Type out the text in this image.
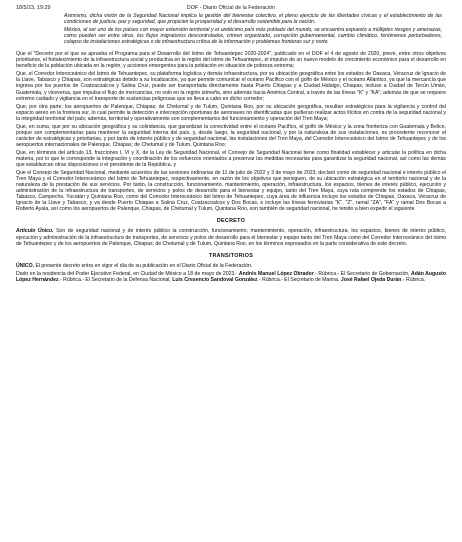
18/5/23, 19:29	DOF - Diario Oficial de la Federación

Asimismo, dicha visión de la Seguridad Nacional implica la gestión del bienestar colectivo, el pleno ejercicio de las libertades cívicas y el establecimiento de las condiciones de justicia, paz y seguridad, que propicien la prosperidad y el desarrollo sostenible para la nación.

México, al ser uno de los países con mayor extensión territorial y el undécimo país más poblado del mundo, se encuentra expuesto a múltiples riesgos y amenazas, como pueden ser entre otros, los flujos migratorios descontrolados, crimen organizado, corrupción gubernamental, cambio climático, fenómenos perturbadores, colapso de instalaciones estratégicas o de infraestructura crítica de la información y problemas fronteras sur y norte.

Que el "Decreto por el que se aprueba el Programa para el Desarrollo del Istmo de Tehuantepec 2020-2024", publicado en el DOF el 4 de agosto de 2020, prevé, entre otros objetivos prioritarios, el fortalecimiento de la infraestructura social y productiva en la región del istmo de Tehuantepec, el impulso de un nuevo modelo de crecimiento económico para el desarrollo en beneficio de la población ubicada en la región, y acciones emergentes para la población en situación de pobreza extrema;

Que, el Corredor Interoceánico del Istmo de Tehuantepec, su plataforma logística y demás infraestructura, por su ubicación geográfica entre los estados de Oaxaca, Veracruz de Ignacio de la Llave, Tabasco y Chiapas, son estratégicas debido a su localización, ya que permite comunicar el océano Pacífico con el golfo de México y el océano Atlántico, ya que la mercancía que ingresa por los puertos de Coatzacoalcos y Salina Cruz, puede ser transportada directamente hasta Puerto Chiapas y a Ciudad Hidalgo, Chiapas, incluso a Ciudad de Tecún Umán, Guatemala, y viceversa, que impulsa el flujo de mercancías, no solo en la región istmeña, sino además hacia América Central, a través de las líneas "K" y "KA"; además de que se requiere extremo cuidado y vigilancia en el transporte de sustancias peligrosas que se lleva a cabo en dicho corredor;

Que, por otra parte, los aeropuertos de Palenque, Chiapas; de Chetumal y de Tulum, Quintana Roo, por su ubicación geográfica, resultan estratégicos para la vigilancia y control del espacio aéreo en la frontera sur, lo cual permite la detección e intercepción oportunas de aeronaves no identificadas que pudieran realizar actos ilícitos en contra de la seguridad nacional y la integridad territorial del país; además, territorial y operativamente son complementarios del funcionamiento y operación del Tren Maya;

Que, en suma, que por su ubicación geográfica y su colindancia, que garantizan la conectividad entre el océano Pacífico, el golfo de México y la zona fronteriza con Guatemala y Belice, porque son complementarias para mantener la seguridad interna del país, y, desde luego, la seguridad nacional, y por la naturaleza de sus instalaciones, es procedente reconocer el carácter de estratégicas y prioritarias, y por tanto de interés público y de seguridad nacional, las instalaciones del Tren Maya, del Corredor Interoceánico del Istmo de Tehuantepec y de los aeropuertos internacionales de Palenque, Chiapas; de Chetumal y de Tulum, Quintana Roo;

Que, en términos del artículo 13, fracciones I, VI y X, de la Ley de Seguridad Nacional, el Consejo de Seguridad Nacional tiene como finalidad establecer y articular la política en dicha materia, por lo que le corresponde la integración y coordinación de los esfuerzos orientados a preservar las medidas necesarias para garantizar la seguridad nacional, así como las demás que establezcan otras disposiciones o el presidente de la República, y

Que el Consejo de Seguridad Nacional, mediante acuerdos de las sesiones ordinarias de 11 de julio de 2022 y 3 de mayo de 2023, declaró como de seguridad nacional e interés público el Tren Maya y el Corredor Interoceánico del Istmo de Tehuantepec, respectivamente, en razón de los objetivos que persiguen, de su ubicación estratégica en el territorio nacional y de la naturaleza de la prestación de sus servicios. Por tanto, la construcción, funcionamiento, mantenimiento, operación, infraestructura, los espacios, bienes de interés público, ejecución y administración de la infraestructura de transportes, de servicios y polos de desarrollo para el bienestar y equipo, tanto del Tren Maya, cuya ruta comprende los estados de Chiapas, Tabasco, Campeche, Yucatán y Quintana Roo, como del Corredor Interoceánico del Istmo de Tehuantepec, cuya área de influencia incluye los estados de Chiapas, Oaxaca, Veracruz de Ignacio de la Llave y Tabasco, y va desde Puerto Chiapas a Salina Cruz, Coatzacoalcos y Dos Bocas, e incluye las líneas ferroviarias "K", "Z", ramal "ZA", "FA" y ramal Dos Bocas a Roberto Ayala, así como los aeropuertos de Palenque, Chiapas, de Chetumal y Tulum, Quintana Roo, son también de seguridad nacional, he tenido a bien expedir el siguiente

DECRETO

Artículo Único. Son de seguridad nacional y de interés público la construcción, funcionamiento, mantenimiento, operación, infraestructura, los espacios, bienes de interés público, ejecución y administración de la infraestructura de transportes, de servicios y polos de desarrollo para el bienestar y equipo tanto del Tren Maya como del Corredor Interoceánico del Istmo de Tehuantepec y de los aeropuertos de Palenque, Chiapas; de Chetumal y de Tulum, Quintana Roo, en los términos expresados en la parte considerativa de este decreto.

TRANSITORIOS

ÚNICO. El presente decreto entra en vigor el día de su publicación en el Diario Oficial de la Federación.

Dado en la residencia del Poder Ejecutivo Federal, en Ciudad de México a 18 de mayo de 2023.- Andrés Manuel López Obrador.- Rúbrica.- El Secretario de Gobernación, Adán Augusto López Hernández.- Rúbrica.- El Secretario de la Defensa Nacional, Luis Cresencio Sandoval González.- Rúbrica.- El Secretario de Marina, José Rafael Ojeda Durán.- Rúbrica.
